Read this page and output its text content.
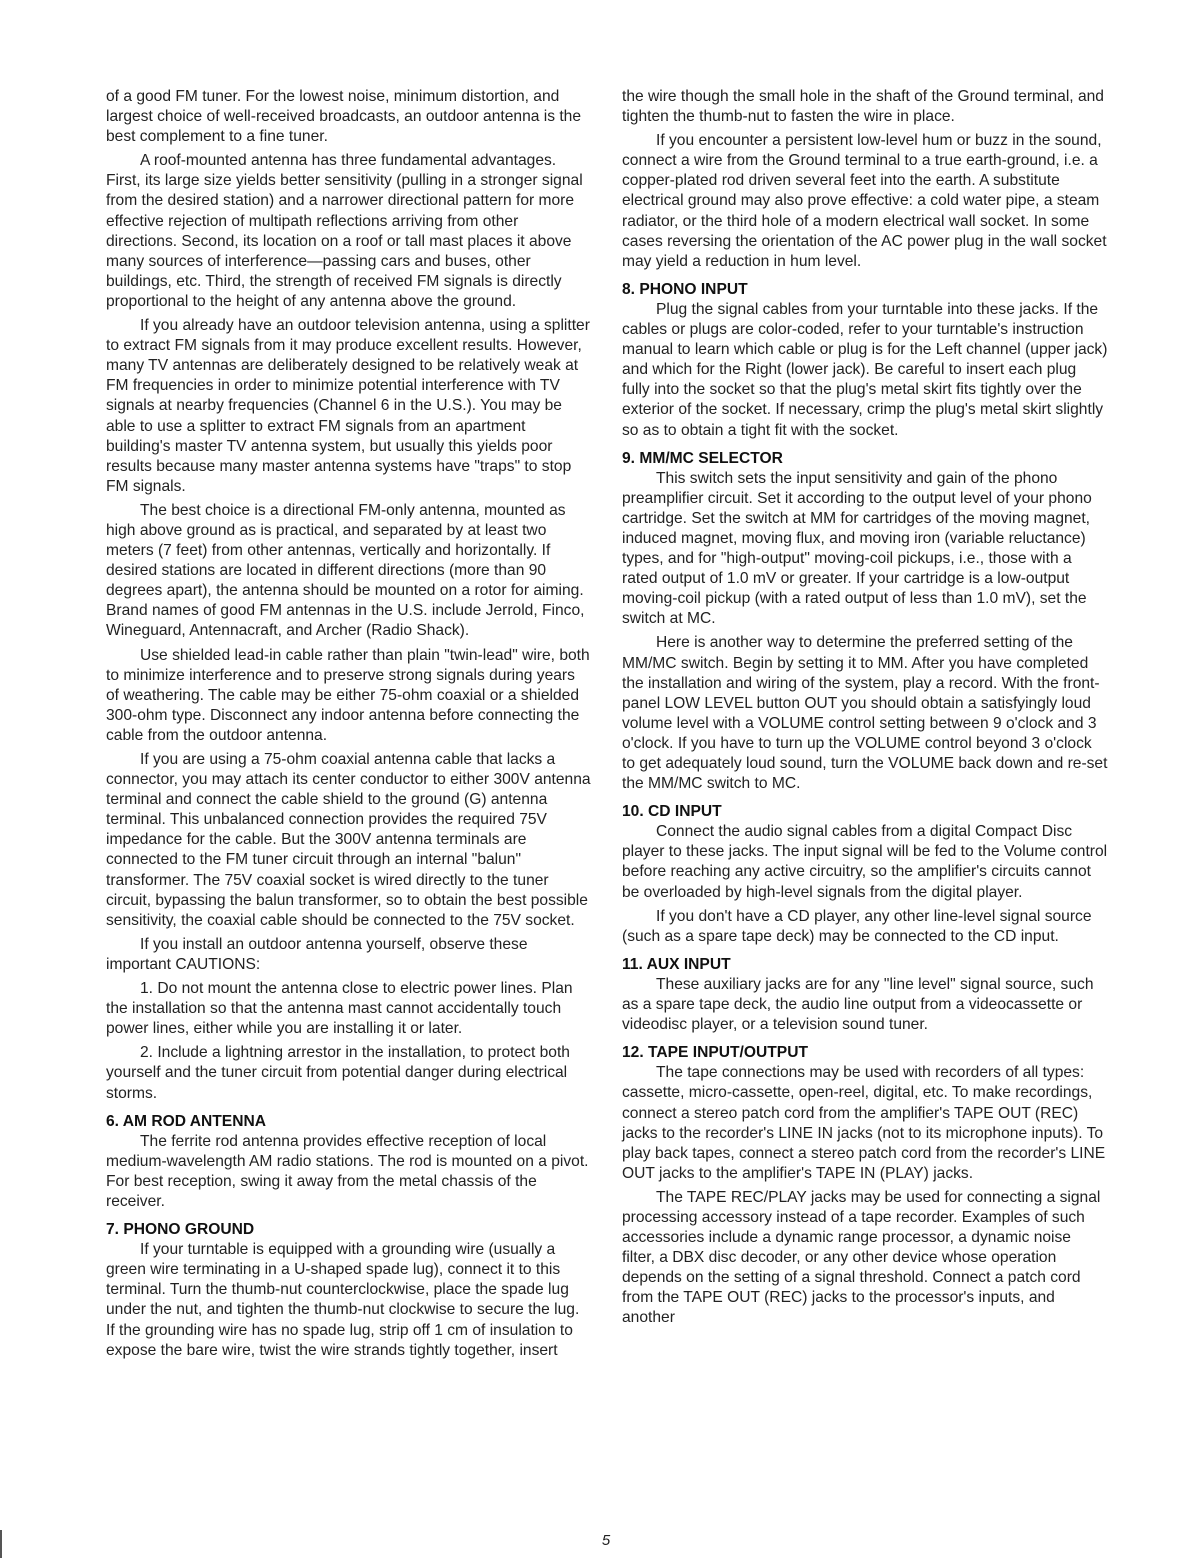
of a good FM tuner. For the lowest noise, minimum distortion, and largest choice of well-received broadcasts, an outdoor antenna is the best complement to a fine tuner.

A roof-mounted antenna has three fundamental advantages. First, its large size yields better sensitivity (pulling in a stronger signal from the desired station) and a narrower directional pattern for more effective rejection of multipath reflections arriving from other directions. Second, its location on a roof or tall mast places it above many sources of interference—passing cars and buses, other buildings, etc. Third, the strength of received FM signals is directly proportional to the height of any antenna above the ground.

If you already have an outdoor television antenna, using a splitter to extract FM signals from it may produce excellent results. However, many TV antennas are deliberately designed to be relatively weak at FM frequencies in order to minimize potential interference with TV signals at nearby frequencies (Channel 6 in the U.S.). You may be able to use a splitter to extract FM signals from an apartment building's master TV antenna system, but usually this yields poor results because many master antenna systems have "traps" to stop FM signals.

The best choice is a directional FM-only antenna, mounted as high above ground as is practical, and separated by at least two meters (7 feet) from other antennas, vertically and horizontally. If desired stations are located in different directions (more than 90 degrees apart), the antenna should be mounted on a rotor for aiming. Brand names of good FM antennas in the U.S. include Jerrold, Finco, Wineguard, Antennacraft, and Archer (Radio Shack).

Use shielded lead-in cable rather than plain "twin-lead" wire, both to minimize interference and to preserve strong signals during years of weathering. The cable may be either 75-ohm coaxial or a shielded 300-ohm type. Disconnect any indoor antenna before connecting the cable from the outdoor antenna.

If you are using a 75-ohm coaxial antenna cable that lacks a connector, you may attach its center conductor to either 300V antenna terminal and connect the cable shield to the ground (G) antenna terminal. This unbalanced connection provides the required 75V impedance for the cable. But the 300V antenna terminals are connected to the FM tuner circuit through an internal "balun" transformer. The 75V coaxial socket is wired directly to the tuner circuit, bypassing the balun transformer, so to obtain the best possible sensitivity, the coaxial cable should be connected to the 75V socket.

If you install an outdoor antenna yourself, observe these important CAUTIONS:

1. Do not mount the antenna close to electric power lines. Plan the installation so that the antenna mast cannot accidentally touch power lines, either while you are installing it or later.

2. Include a lightning arrestor in the installation, to protect both yourself and the tuner circuit from potential danger during electrical storms.

6. AM ROD ANTENNA

The ferrite rod antenna provides effective reception of local medium-wavelength AM radio stations. The rod is mounted on a pivot. For best reception, swing it away from the metal chassis of the receiver.

7. PHONO GROUND

If your turntable is equipped with a grounding wire (usually a green wire terminating in a U-shaped spade lug), connect it to this terminal. Turn the thumb-nut counterclockwise, place the spade lug under the nut, and tighten the thumb-nut clockwise to secure the lug. If the grounding wire has no spade lug, strip off 1 cm of insulation to expose the bare wire, twist the wire strands tightly together, insert

the wire though the small hole in the shaft of the Ground terminal, and tighten the thumb-nut to fasten the wire in place.

If you encounter a persistent low-level hum or buzz in the sound, connect a wire from the Ground terminal to a true earth-ground, i.e. a copper-plated rod driven several feet into the earth. A substitute electrical ground may also prove effective: a cold water pipe, a steam radiator, or the third hole of a modern electrical wall socket. In some cases reversing the orientation of the AC power plug in the wall socket may yield a reduction in hum level.

8. PHONO INPUT

Plug the signal cables from your turntable into these jacks. If the cables or plugs are color-coded, refer to your turntable's instruction manual to learn which cable or plug is for the Left channel (upper jack) and which for the Right (lower jack). Be careful to insert each plug fully into the socket so that the plug's metal skirt fits tightly over the exterior of the socket. If necessary, crimp the plug's metal skirt slightly so as to obtain a tight fit with the socket.

9. MM/MC SELECTOR

This switch sets the input sensitivity and gain of the phono preamplifier circuit. Set it according to the output level of your phono cartridge. Set the switch at MM for cartridges of the moving magnet, induced magnet, moving flux, and moving iron (variable reluctance) types, and for "high-output" moving-coil pickups, i.e., those with a rated output of 1.0 mV or greater. If your cartridge is a low-output moving-coil pickup (with a rated output of less than 1.0 mV), set the switch at MC.

Here is another way to determine the preferred setting of the MM/MC switch. Begin by setting it to MM. After you have completed the installation and wiring of the system, play a record. With the front-panel LOW LEVEL button OUT you should obtain a satisfyingly loud volume level with a VOLUME control setting between 9 o'clock and 3 o'clock. If you have to turn up the VOLUME control beyond 3 o'clock to get adequately loud sound, turn the VOLUME back down and re-set the MM/MC switch to MC.

10. CD INPUT

Connect the audio signal cables from a digital Compact Disc player to these jacks. The input signal will be fed to the Volume control before reaching any active circuitry, so the amplifier's circuits cannot be overloaded by high-level signals from the digital player.

If you don't have a CD player, any other line-level signal source (such as a spare tape deck) may be connected to the CD input.

11. AUX INPUT

These auxiliary jacks are for any "line level" signal source, such as a spare tape deck, the audio line output from a videocassette or videodisc player, or a television sound tuner.

12. TAPE INPUT/OUTPUT

The tape connections may be used with recorders of all types: cassette, micro-cassette, open-reel, digital, etc. To make recordings, connect a stereo patch cord from the amplifier's TAPE OUT (REC) jacks to the recorder's LINE IN jacks (not to its microphone inputs). To play back tapes, connect a stereo patch cord from the recorder's LINE OUT jacks to the amplifier's TAPE IN (PLAY) jacks.

The TAPE REC/PLAY jacks may be used for connecting a signal processing accessory instead of a tape recorder. Examples of such accessories include a dynamic range processor, a dynamic noise filter, a DBX disc decoder, or any other device whose operation depends on the setting of a signal threshold. Connect a patch cord from the TAPE OUT (REC) jacks to the processor's inputs, and another

5
